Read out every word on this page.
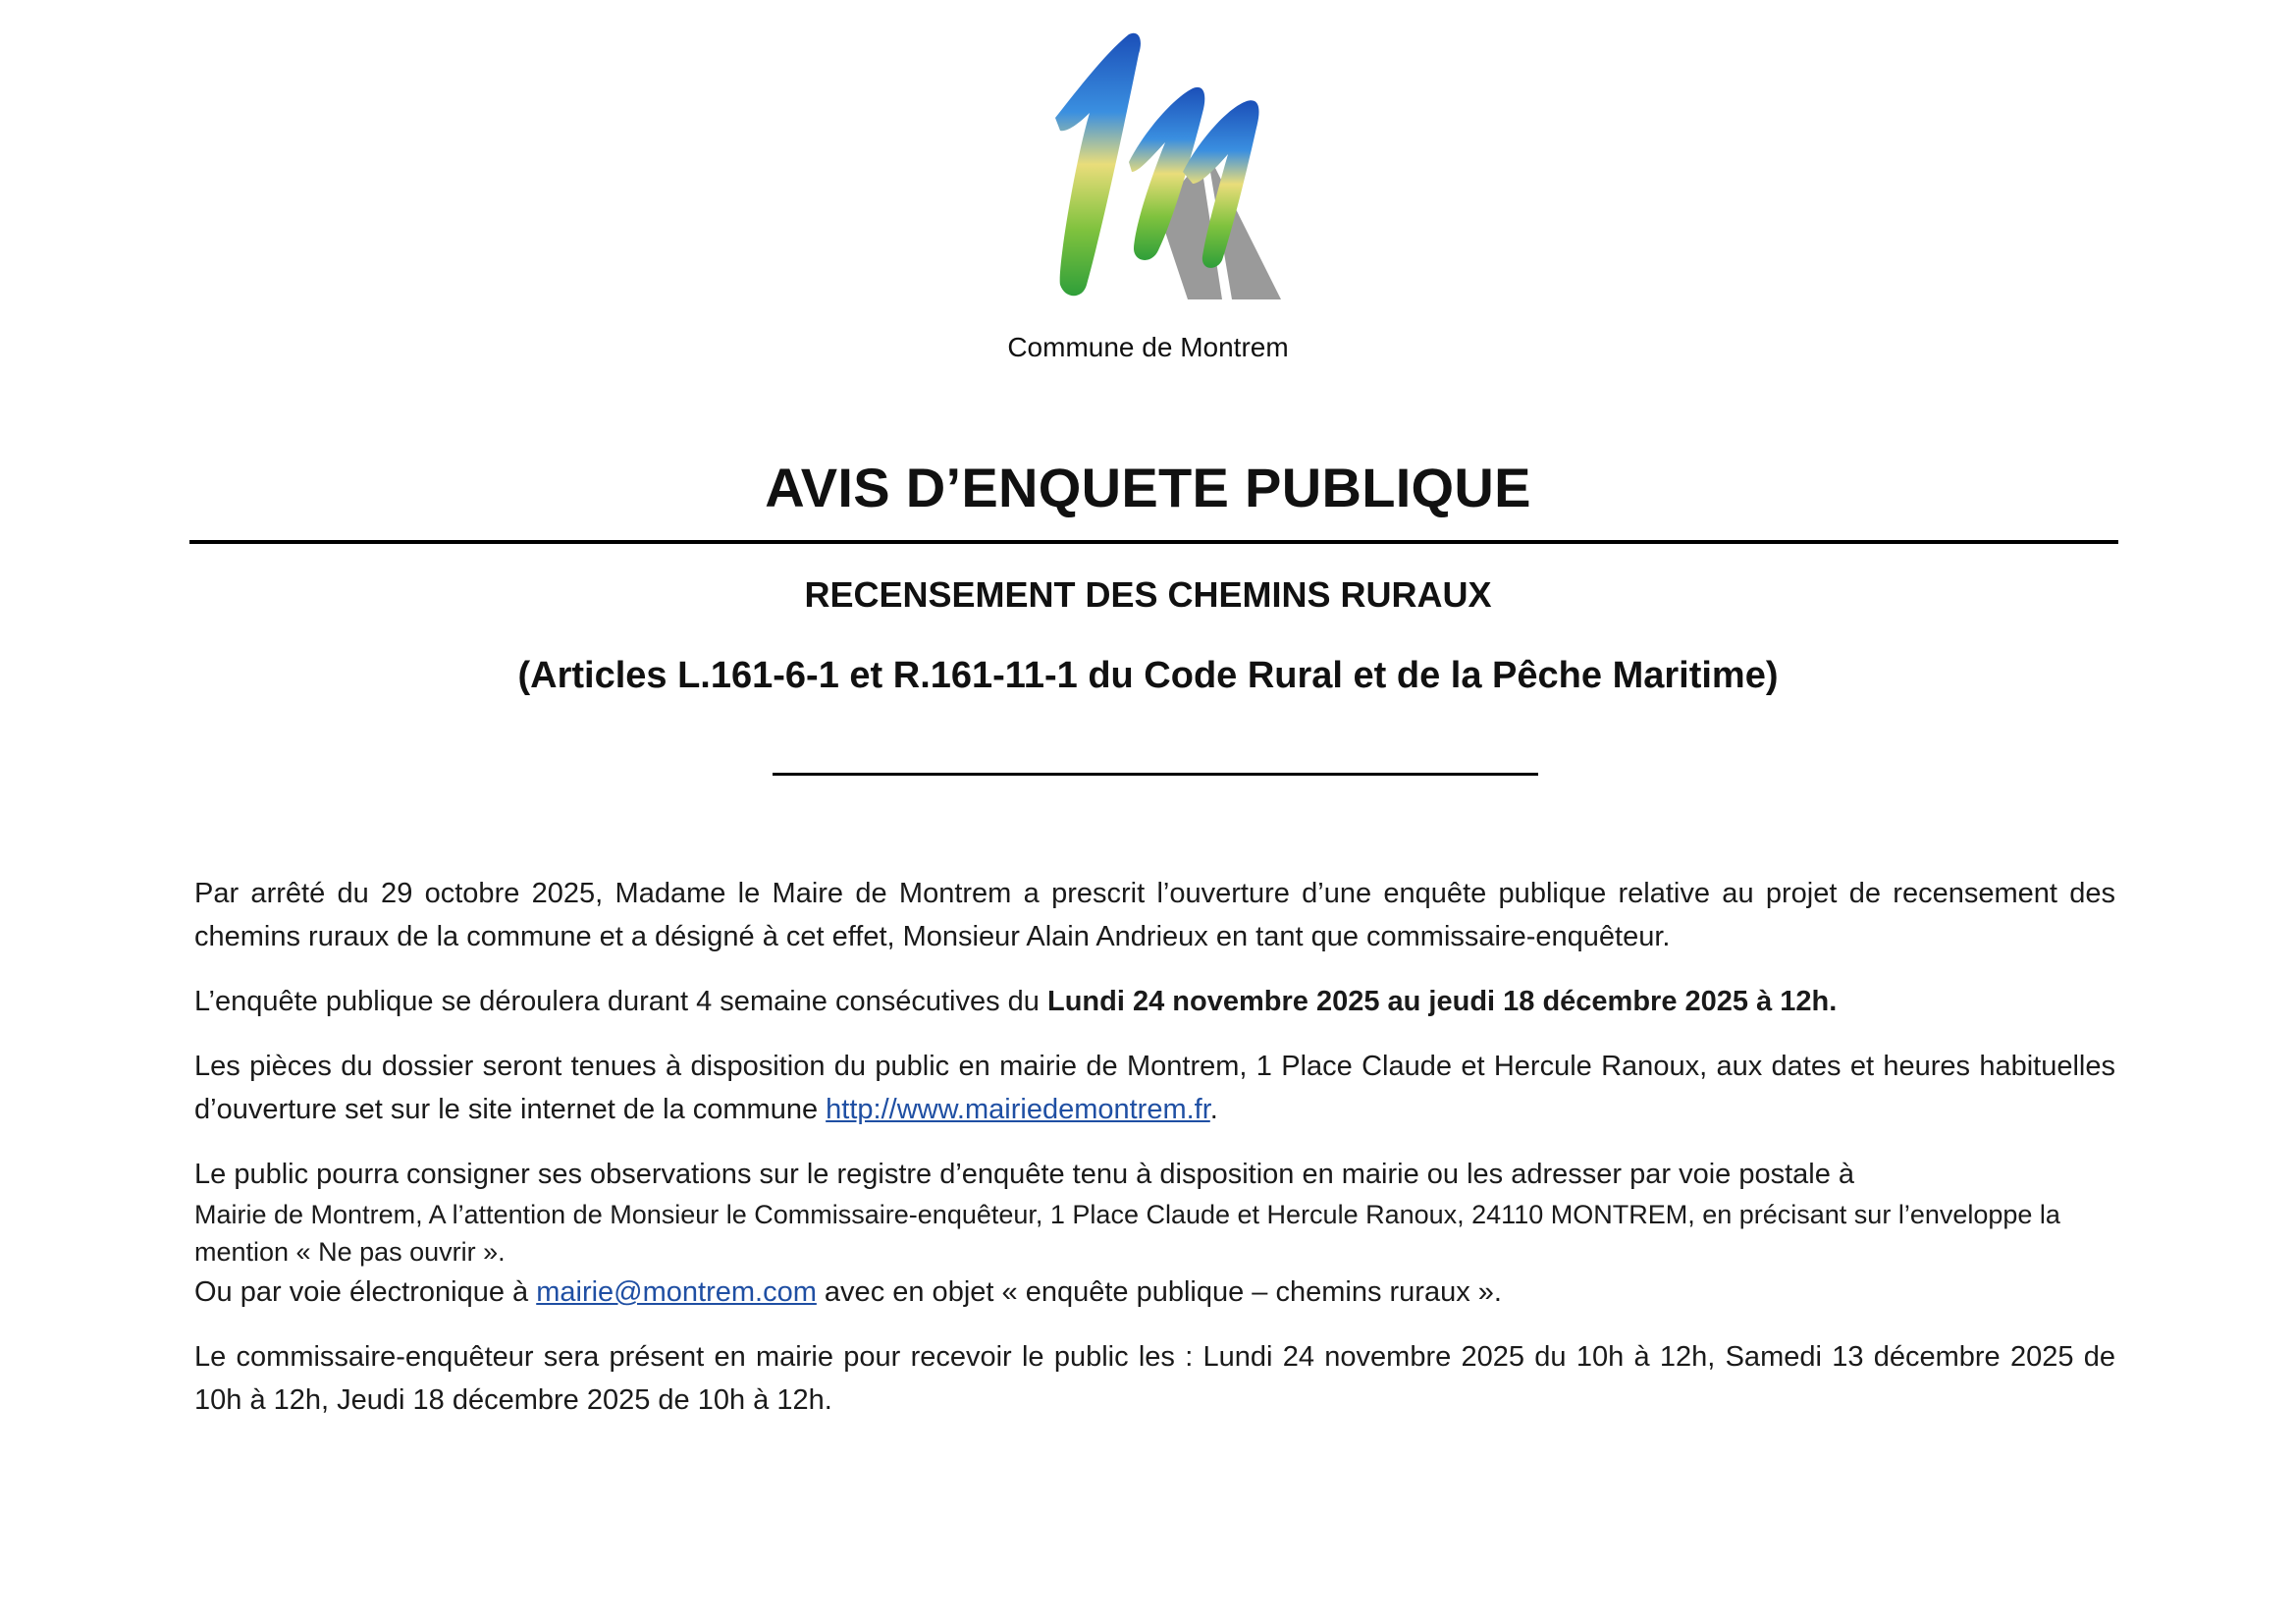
Commune de Montrem
AVIS D’ENQUETE PUBLIQUE
RECENSEMENT DES CHEMINS RURAUX
(Articles L.161-6-1 et R.161-11-1 du Code Rural et de la Pêche Maritime)

Par arrêté du 29 octobre 2025, Madame le Maire de Montrem a prescrit l’ouverture d’une enquête publique relative au projet de recensement des chemins ruraux de la commune et a désigné à cet effet, Monsieur Alain Andrieux en tant que commissaire-enquêteur.

L’enquête publique se déroulera durant 4 semaine consécutives du Lundi 24 novembre 2025 au jeudi 18 décembre 2025 à 12h.

Les pièces du dossier seront tenues à disposition du public en mairie de Montrem, 1 Place Claude et Hercule Ranoux, aux dates et heures habituelles d’ouverture set sur le site internet de la commune http://www.mairiedemontrem.fr.

Le public pourra consigner ses observations sur le registre d’enquête tenu à disposition en mairie ou les adresser par voie postale à
Mairie de Montrem, A l’attention de Monsieur le Commissaire-enquêteur, 1 Place Claude et Hercule Ranoux, 24110 MONTREM, en précisant sur l’enveloppe la mention « Ne pas ouvrir ».
Ou par voie électronique à mairie@montrem.com avec en objet « enquête publique – chemins ruraux ».

Le commissaire-enquêteur sera présent en mairie pour recevoir le public les : Lundi 24 novembre 2025 du 10h à 12h, Samedi 13 décembre 2025 de 10h à 12h, Jeudi 18 décembre 2025 de 10h à 12h.
